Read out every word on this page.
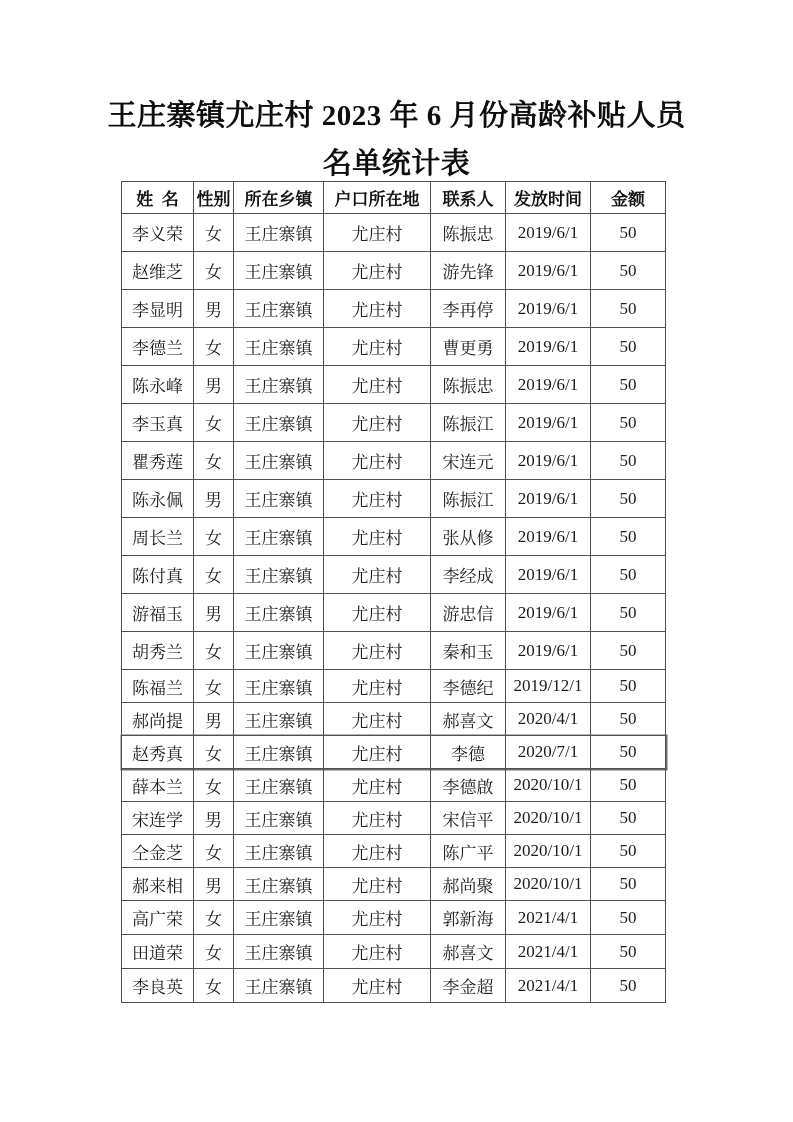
王庄寨镇尤庄村 2023 年 6 月份高龄补贴人员
名单统计表
姓 名	性别	所在乡镇	户口所在地	联系人	发放时间	金额
李义荣	女	王庄寨镇	尤庄村	陈振忠	2019/6/1	50
赵维芝	女	王庄寨镇	尤庄村	游先锋	2019/6/1	50
李显明	男	王庄寨镇	尤庄村	李再停	2019/6/1	50
李德兰	女	王庄寨镇	尤庄村	曹更勇	2019/6/1	50
陈永峰	男	王庄寨镇	尤庄村	陈振忠	2019/6/1	50
李玉真	女	王庄寨镇	尤庄村	陈振江	2019/6/1	50
瞿秀莲	女	王庄寨镇	尤庄村	宋连元	2019/6/1	50
陈永佩	男	王庄寨镇	尤庄村	陈振江	2019/6/1	50
周长兰	女	王庄寨镇	尤庄村	张从修	2019/6/1	50
陈付真	女	王庄寨镇	尤庄村	李经成	2019/6/1	50
游福玉	男	王庄寨镇	尤庄村	游忠信	2019/6/1	50
胡秀兰	女	王庄寨镇	尤庄村	秦和玉	2019/6/1	50
陈福兰	女	王庄寨镇	尤庄村	李德纪	2019/12/1	50
郝尚提	男	王庄寨镇	尤庄村	郝喜文	2020/4/1	50
赵秀真	女	王庄寨镇	尤庄村	李德	2020/7/1	50
薛本兰	女	王庄寨镇	尤庄村	李德啟	2020/10/1	50
宋连学	男	王庄寨镇	尤庄村	宋信平	2020/10/1	50
仝金芝	女	王庄寨镇	尤庄村	陈广平	2020/10/1	50
郝来相	男	王庄寨镇	尤庄村	郝尚聚	2020/10/1	50
高广荣	女	王庄寨镇	尤庄村	郭新海	2021/4/1	50
田道荣	女	王庄寨镇	尤庄村	郝喜文	2021/4/1	50
李良英	女	王庄寨镇	尤庄村	李金超	2021/4/1	50
